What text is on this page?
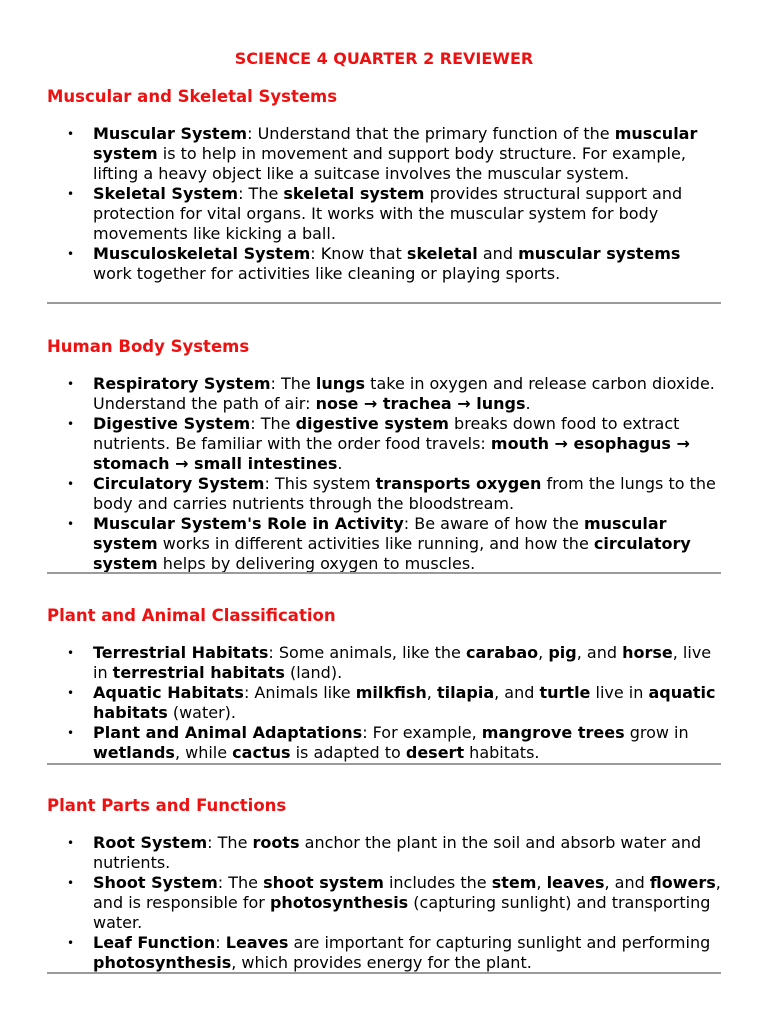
SCIENCE 4 QUARTER 2 REVIEWER
Muscular and Skeletal Systems
• Muscular System: Understand that the primary function of the muscular system is to help in movement and support body structure. For example, lifting a heavy object like a suitcase involves the muscular system.
• Skeletal System: The skeletal system provides structural support and protection for vital organs. It works with the muscular system for body movements like kicking a ball.
• Musculoskeletal System: Know that skeletal and muscular systems work together for activities like cleaning or playing sports.
Human Body Systems
• Respiratory System: The lungs take in oxygen and release carbon dioxide. Understand the path of air: nose → trachea → lungs.
• Digestive System: The digestive system breaks down food to extract nutrients. Be familiar with the order food travels: mouth → esophagus → stomach → small intestines.
• Circulatory System: This system transports oxygen from the lungs to the body and carries nutrients through the bloodstream.
• Muscular System's Role in Activity: Be aware of how the muscular system works in different activities like running, and how the circulatory system helps by delivering oxygen to muscles.
Plant and Animal Classification
• Terrestrial Habitats: Some animals, like the carabao, pig, and horse, live in terrestrial habitats (land).
• Aquatic Habitats: Animals like milkfish, tilapia, and turtle live in aquatic habitats (water).
• Plant and Animal Adaptations: For example, mangrove trees grow in wetlands, while cactus is adapted to desert habitats.
Plant Parts and Functions
• Root System: The roots anchor the plant in the soil and absorb water and nutrients.
• Shoot System: The shoot system includes the stem, leaves, and flowers, and is responsible for photosynthesis (capturing sunlight) and transporting water.
• Leaf Function: Leaves are important for capturing sunlight and performing photosynthesis, which provides energy for the plant.
